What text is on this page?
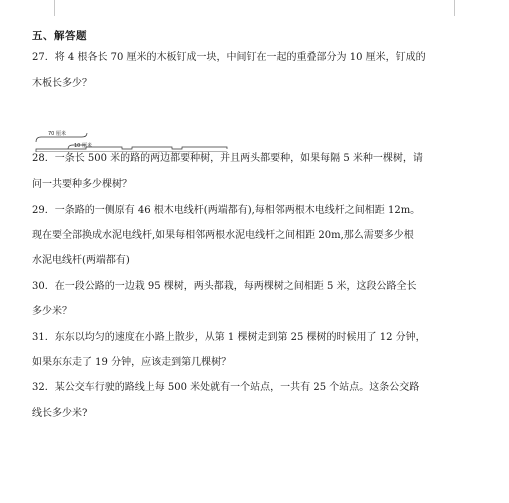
五、解答题
27．将 4 根各长 70 厘米的木板钉成一块，中间钉在一起的重叠部分为 10 厘米，钉成的
木板长多少？
70 厘米
10 厘米
28．一条长 500 米的路的两边都要种树，并且两头都要种，如果每隔 5 米种一棵树，请
问一共要种多少棵树？
29．一条路的一侧原有 46 根木电线杆(两端都有),每相邻两根木电线杆之间相距 12m。
现在要全部换成水泥电线杆,如果每相邻两根水泥电线杆之间相距 20m,那么需要多少根
水泥电线杆(两端都有)
30．在一段公路的一边栽 95 棵树，两头都栽，每两棵树之间相距 5 米，这段公路全长
多少米？
31．东东以均匀的速度在小路上散步，从第 1 棵树走到第 25 棵树的时候用了 12 分钟，
如果东东走了 19 分钟，应该走到第几棵树？
32．某公交车行驶的路线上每 500 米处就有一个站点，一共有 25 个站点。这条公交路
线长多少米?
